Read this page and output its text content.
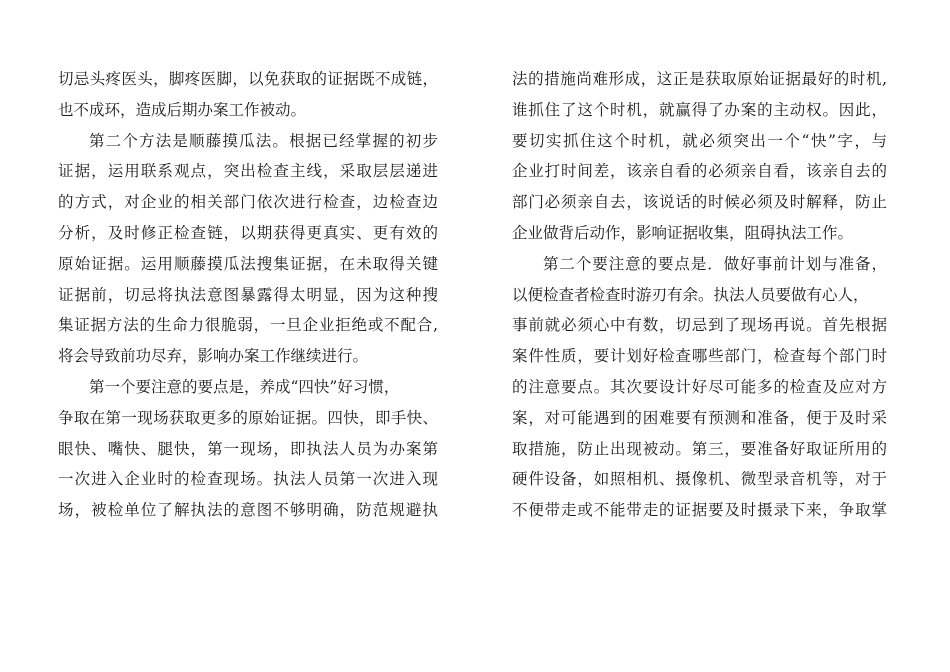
切忌头疼医头，脚疼医脚，以免获取的证据既不成链，
也不成环，造成后期办案工作被动。
第二个方法是顺藤摸瓜法。根据已经掌握的初步
证据，运用联系观点，突出检查主线，采取层层递进
的方式，对企业的相关部门依次进行检查，边检查边
分析，及时修正检查链，以期获得更真实、更有效的
原始证据。运用顺藤摸瓜法搜集证据，在未取得关键
证据前，切忌将执法意图暴露得太明显，因为这种搜
集证据方法的生命力很脆弱，一旦企业拒绝或不配合,
将会导致前功尽弃，影响办案工作继续进行。
第一个要注意的要点是，养成“四快”好习惯，
争取在第一现场获取更多的原始证据。四快，即手快、
眼快、嘴快、腿快，第一现场，即执法人员为办案第
一次进入企业时的检查现场。执法人员第一次进入现
场，被检单位了解执法的意图不够明确，防范规避执
法的措施尚难形成，这正是获取原始证据最好的时机,
谁抓住了这个时机，就赢得了办案的主动权。因此，
要切实抓住这个时机，就必须突出一个“快”字，与
企业打时间差，该亲自看的必须亲自看，该亲自去的
部门必须亲自去，该说话的时候必须及时解释，防止
企业做背后动作，影响证据收集，阻碍执法工作。
第二个要注意的要点是．做好事前计划与准备，
以便检查者检查时游刃有余。执法人员要做有心人，
事前就必须心中有数，切忌到了现场再说。首先根据
案件性质，要计划好检查哪些部门，检查每个部门时
的注意要点。其次要设计好尽可能多的检查及应对方
案，对可能遇到的困难要有预测和准备，便于及时采
取措施，防止出现被动。第三，要准备好取证所用的
硬件设备，如照相机、摄像机、微型录音机等，对于
不便带走或不能带走的证据要及时摄录下来，争取掌
